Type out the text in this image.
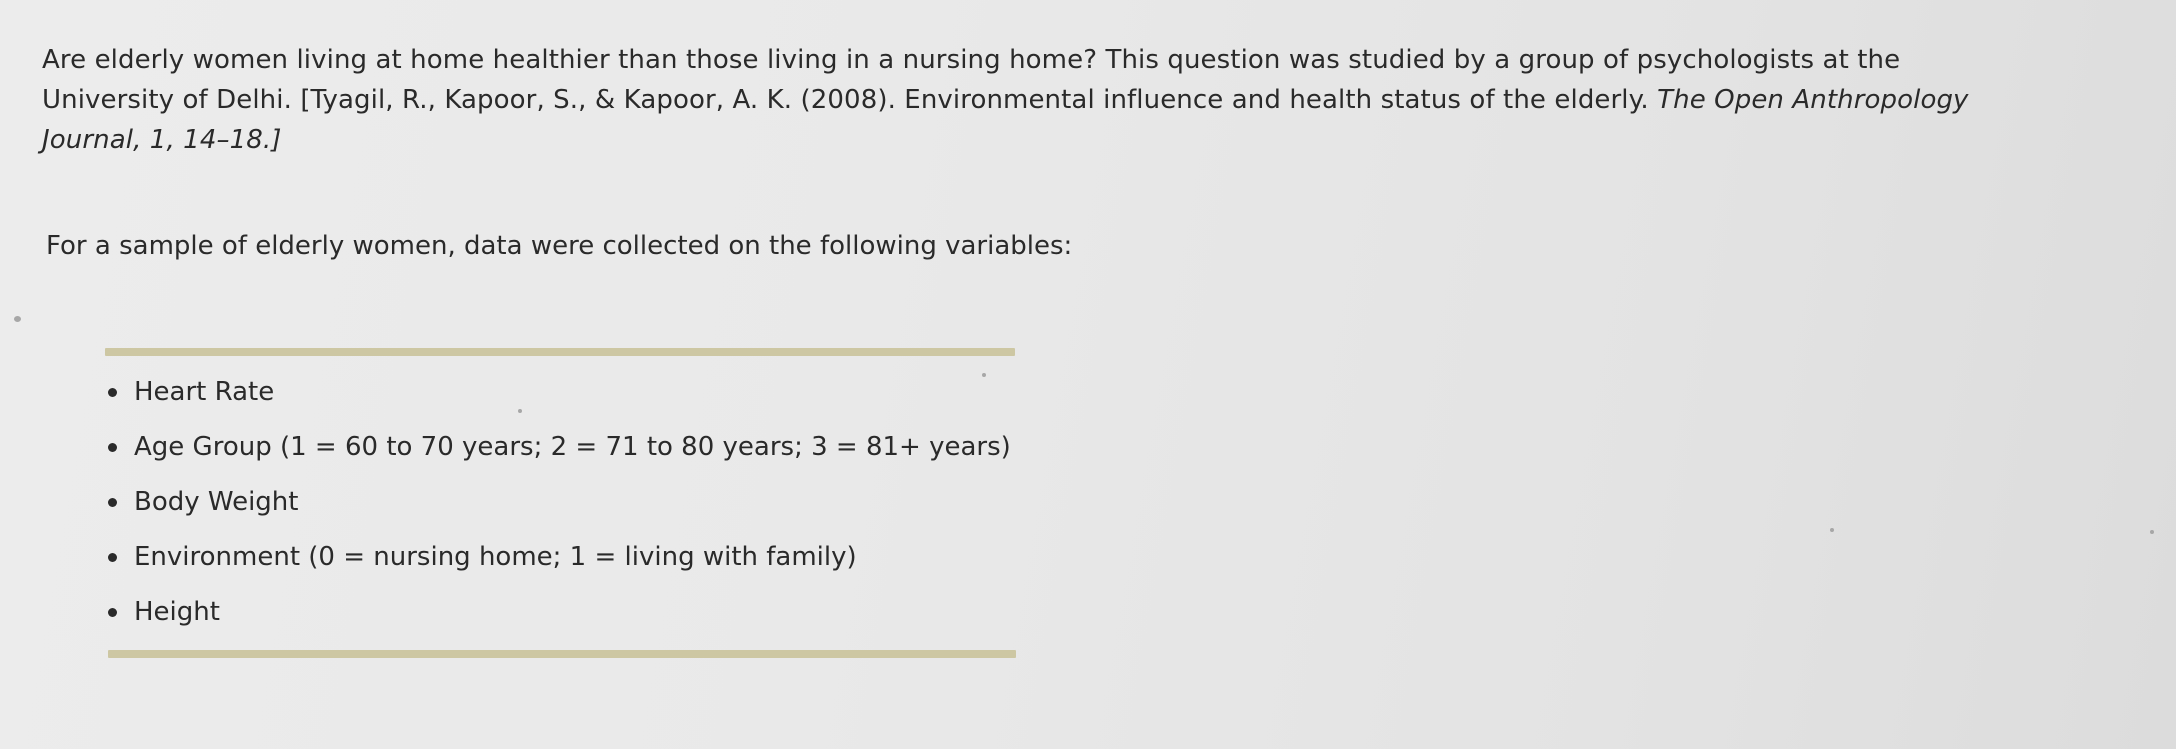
Are elderly women living at home healthier than those living in a nursing home? This question was studied by a group of psychologists at the
University of Delhi. [Tyagil, R., Kapoor, S., & Kapoor, A. K. (2008). Environmental influence and health status of the elderly. The Open Anthropology
Journal, 1, 14–18.]
For a sample of elderly women, data were collected on the following variables:
Heart Rate
Age Group (1 = 60 to 70 years; 2 = 71 to 80 years; 3 = 81+ years)
Body Weight
Environment (0 = nursing home; 1 = living with family)
Height
